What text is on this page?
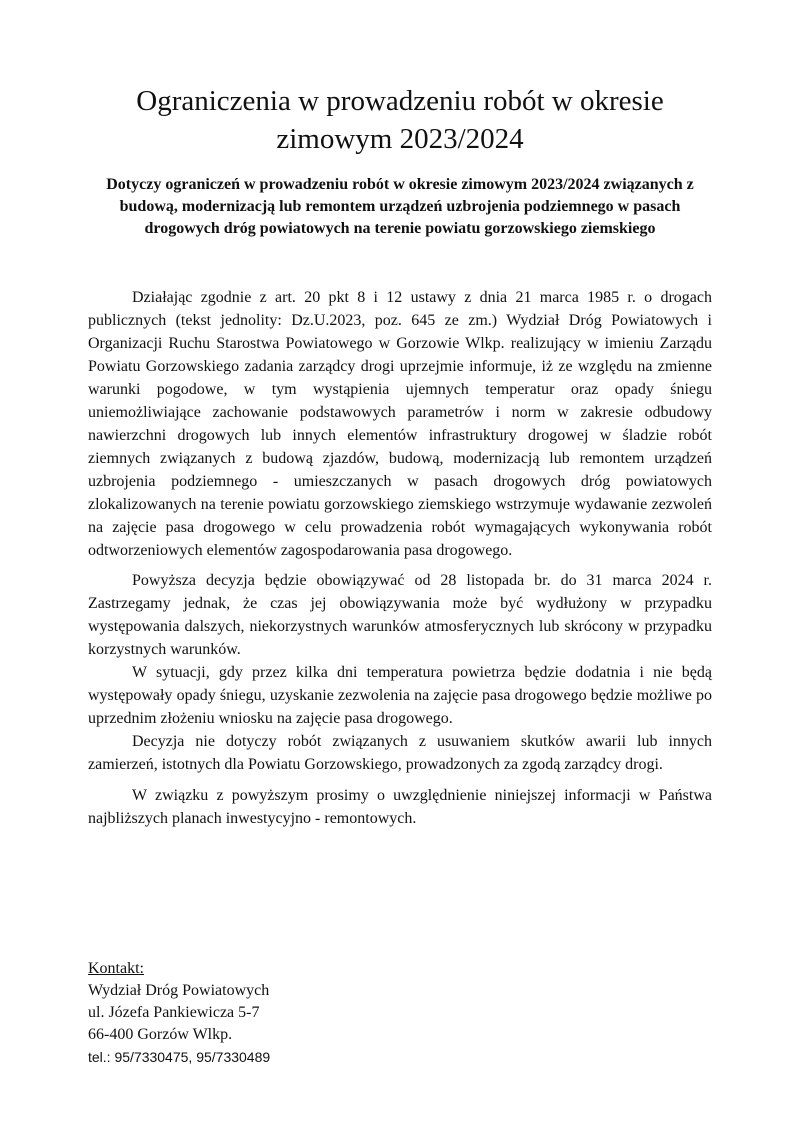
Ograniczenia w prowadzeniu robót w okresie zimowym 2023/2024

Dotyczy ograniczeń w prowadzeniu robót w okresie zimowym 2023/2024 związanych z budową, modernizacją lub remontem urządzeń uzbrojenia podziemnego w pasach drogowych dróg powiatowych na terenie powiatu gorzowskiego ziemskiego

Działając zgodnie z art. 20 pkt 8 i 12 ustawy z dnia 21 marca 1985 r. o drogach publicznych (tekst jednolity: Dz.U.2023, poz. 645 ze zm.) Wydział Dróg Powiatowych i Organizacji Ruchu Starostwa Powiatowego w Gorzowie Wlkp. realizujący w imieniu Zarządu Powiatu Gorzowskiego zadania zarządcy drogi uprzejmie informuje, iż ze względu na zmienne warunki pogodowe, w tym wystąpienia ujemnych temperatur oraz opady śniegu uniemożliwiające zachowanie podstawowych parametrów i norm w zakresie odbudowy nawierzchni drogowych lub innych elementów infrastruktury drogowej w śladzie robót ziemnych związanych z budową zjazdów, budową, modernizacją lub remontem urządzeń uzbrojenia podziemnego - umieszczanych w pasach drogowych dróg powiatowych zlokalizowanych na terenie powiatu gorzowskiego ziemskiego wstrzymuje wydawanie zezwoleń na zajęcie pasa drogowego w celu prowadzenia robót wymagających wykonywania robót odtworzeniowych elementów zagospodarowania pasa drogowego.

Powyższa decyzja będzie obowiązywać od 28 listopada br. do 31 marca 2024 r. Zastrzegamy jednak, że czas jej obowiązywania może być wydłużony w przypadku występowania dalszych, niekorzystnych warunków atmosferycznych lub skrócony w przypadku korzystnych warunków.

W sytuacji, gdy przez kilka dni temperatura powietrza będzie dodatnia i nie będą występowały opady śniegu, uzyskanie zezwolenia na zajęcie pasa drogowego będzie możliwe po uprzednim złożeniu wniosku na zajęcie pasa drogowego.

Decyzja nie dotyczy robót związanych z usuwaniem skutków awarii lub innych zamierzeń, istotnych dla Powiatu Gorzowskiego, prowadzonych za zgodą zarządcy drogi.

W związku z powyższym prosimy o uwzględnienie niniejszej informacji w Państwa najbliższych planach inwestycyjno - remontowych.

Kontakt:
Wydział Dróg Powiatowych
ul. Józefa Pankiewicza 5-7
66-400 Gorzów Wlkp.
tel.: 95/7330475, 95/7330489
